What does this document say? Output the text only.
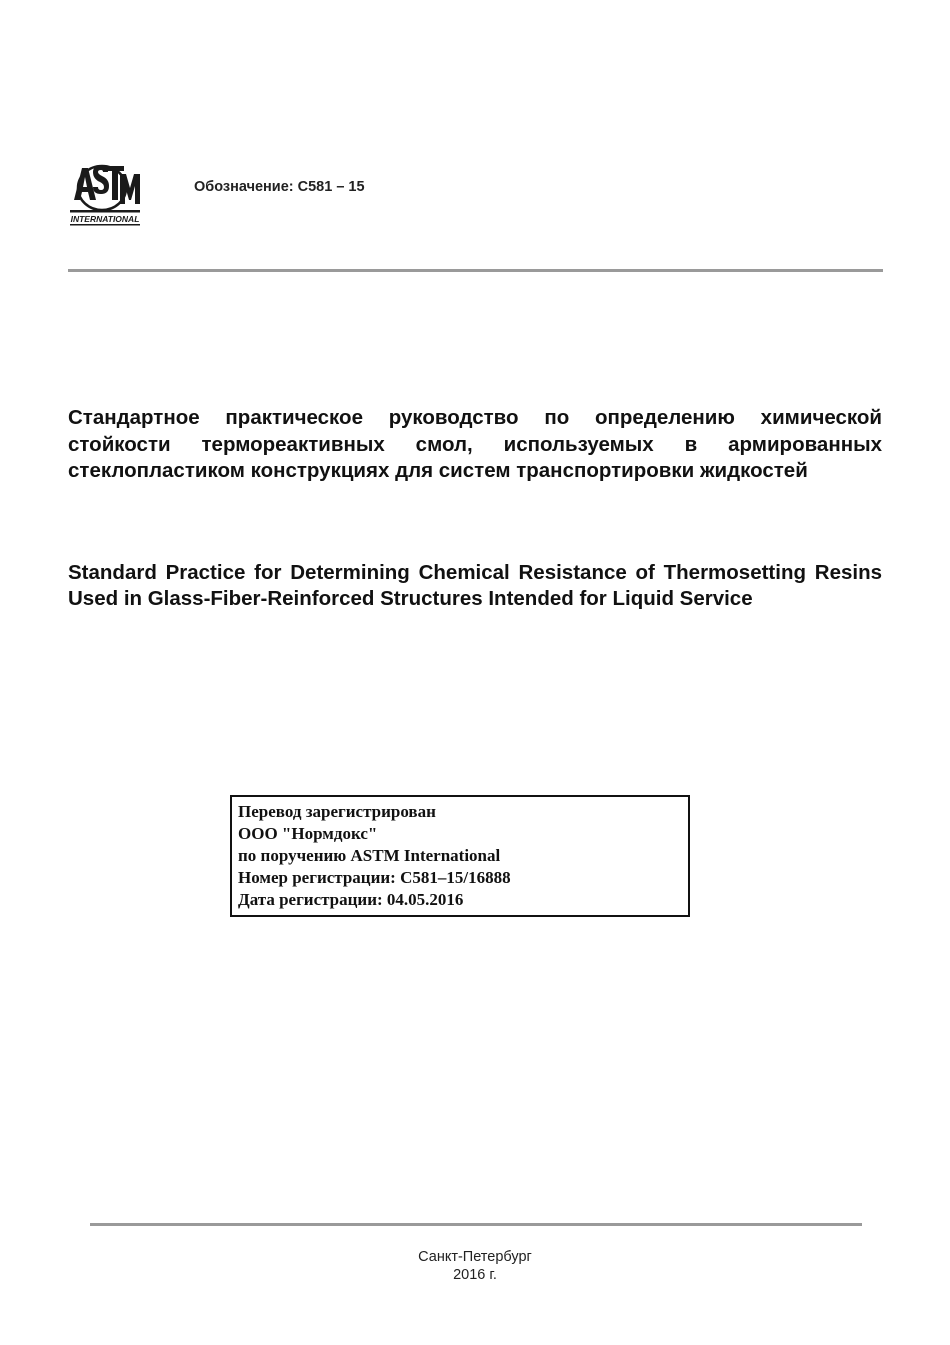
INTERNATIONAL
Обозначение: C581 – 15
Стандартное практическое руководство по определению химической стойкости термореактивных смол, используемых в армированных стеклопластиком конструкциях для систем транспортировки жидкостей
Standard Practice for Determining Chemical Resistance of Thermosetting Resins Used in Glass-Fiber-Reinforced Structures Intended for Liquid Service
Перевод зарегистрирован
ООО "Нормдокс"
по поручению ASTM International
Номер регистрации: C581–15/16888
Дата регистрации: 04.05.2016
Санкт-Петербург
2016 г.
